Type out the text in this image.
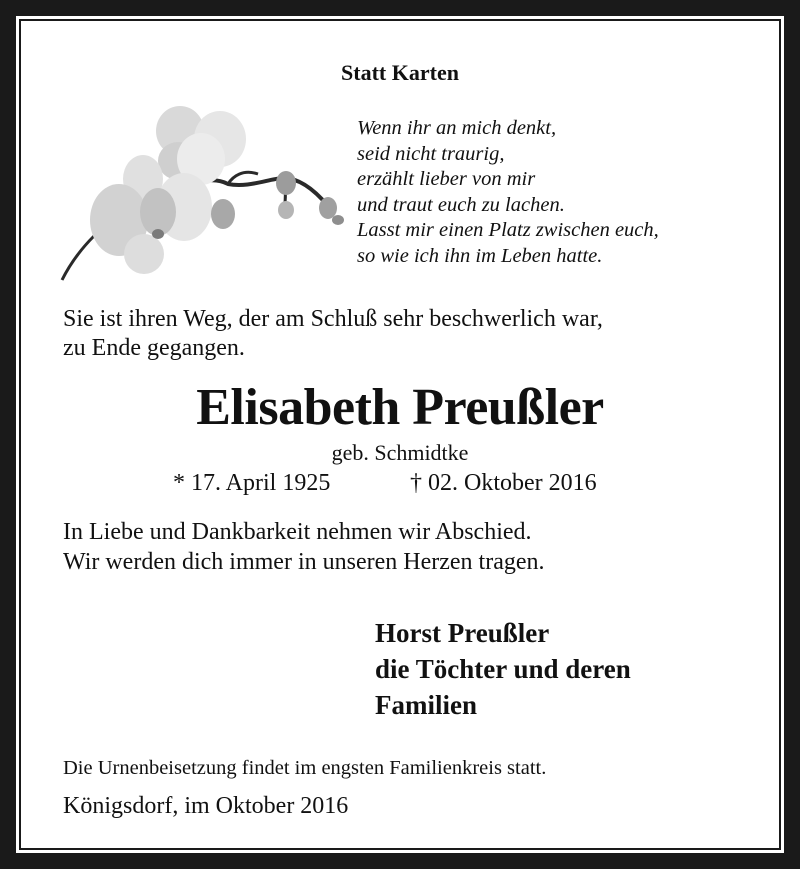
Statt Karten
Wenn ihr an mich denkt,
seid nicht traurig,
erzählt lieber von mir
und traut euch zu lachen.
Lasst mir einen Platz zwischen euch,
so wie ich ihn im Leben hatte.
Sie ist ihren Weg, der am Schluß sehr beschwerlich war,
zu Ende gegangen.
Elisabeth Preußler
geb. Schmidtke
* 17. April 1925	† 02. Oktober 2016
In Liebe und Dankbarkeit nehmen wir Abschied.
Wir werden dich immer in unseren Herzen tragen.
Horst Preußler
die Töchter und deren
Familien
Die Urnenbeisetzung findet im engsten Familienkreis statt.
Königsdorf, im Oktober 2016
